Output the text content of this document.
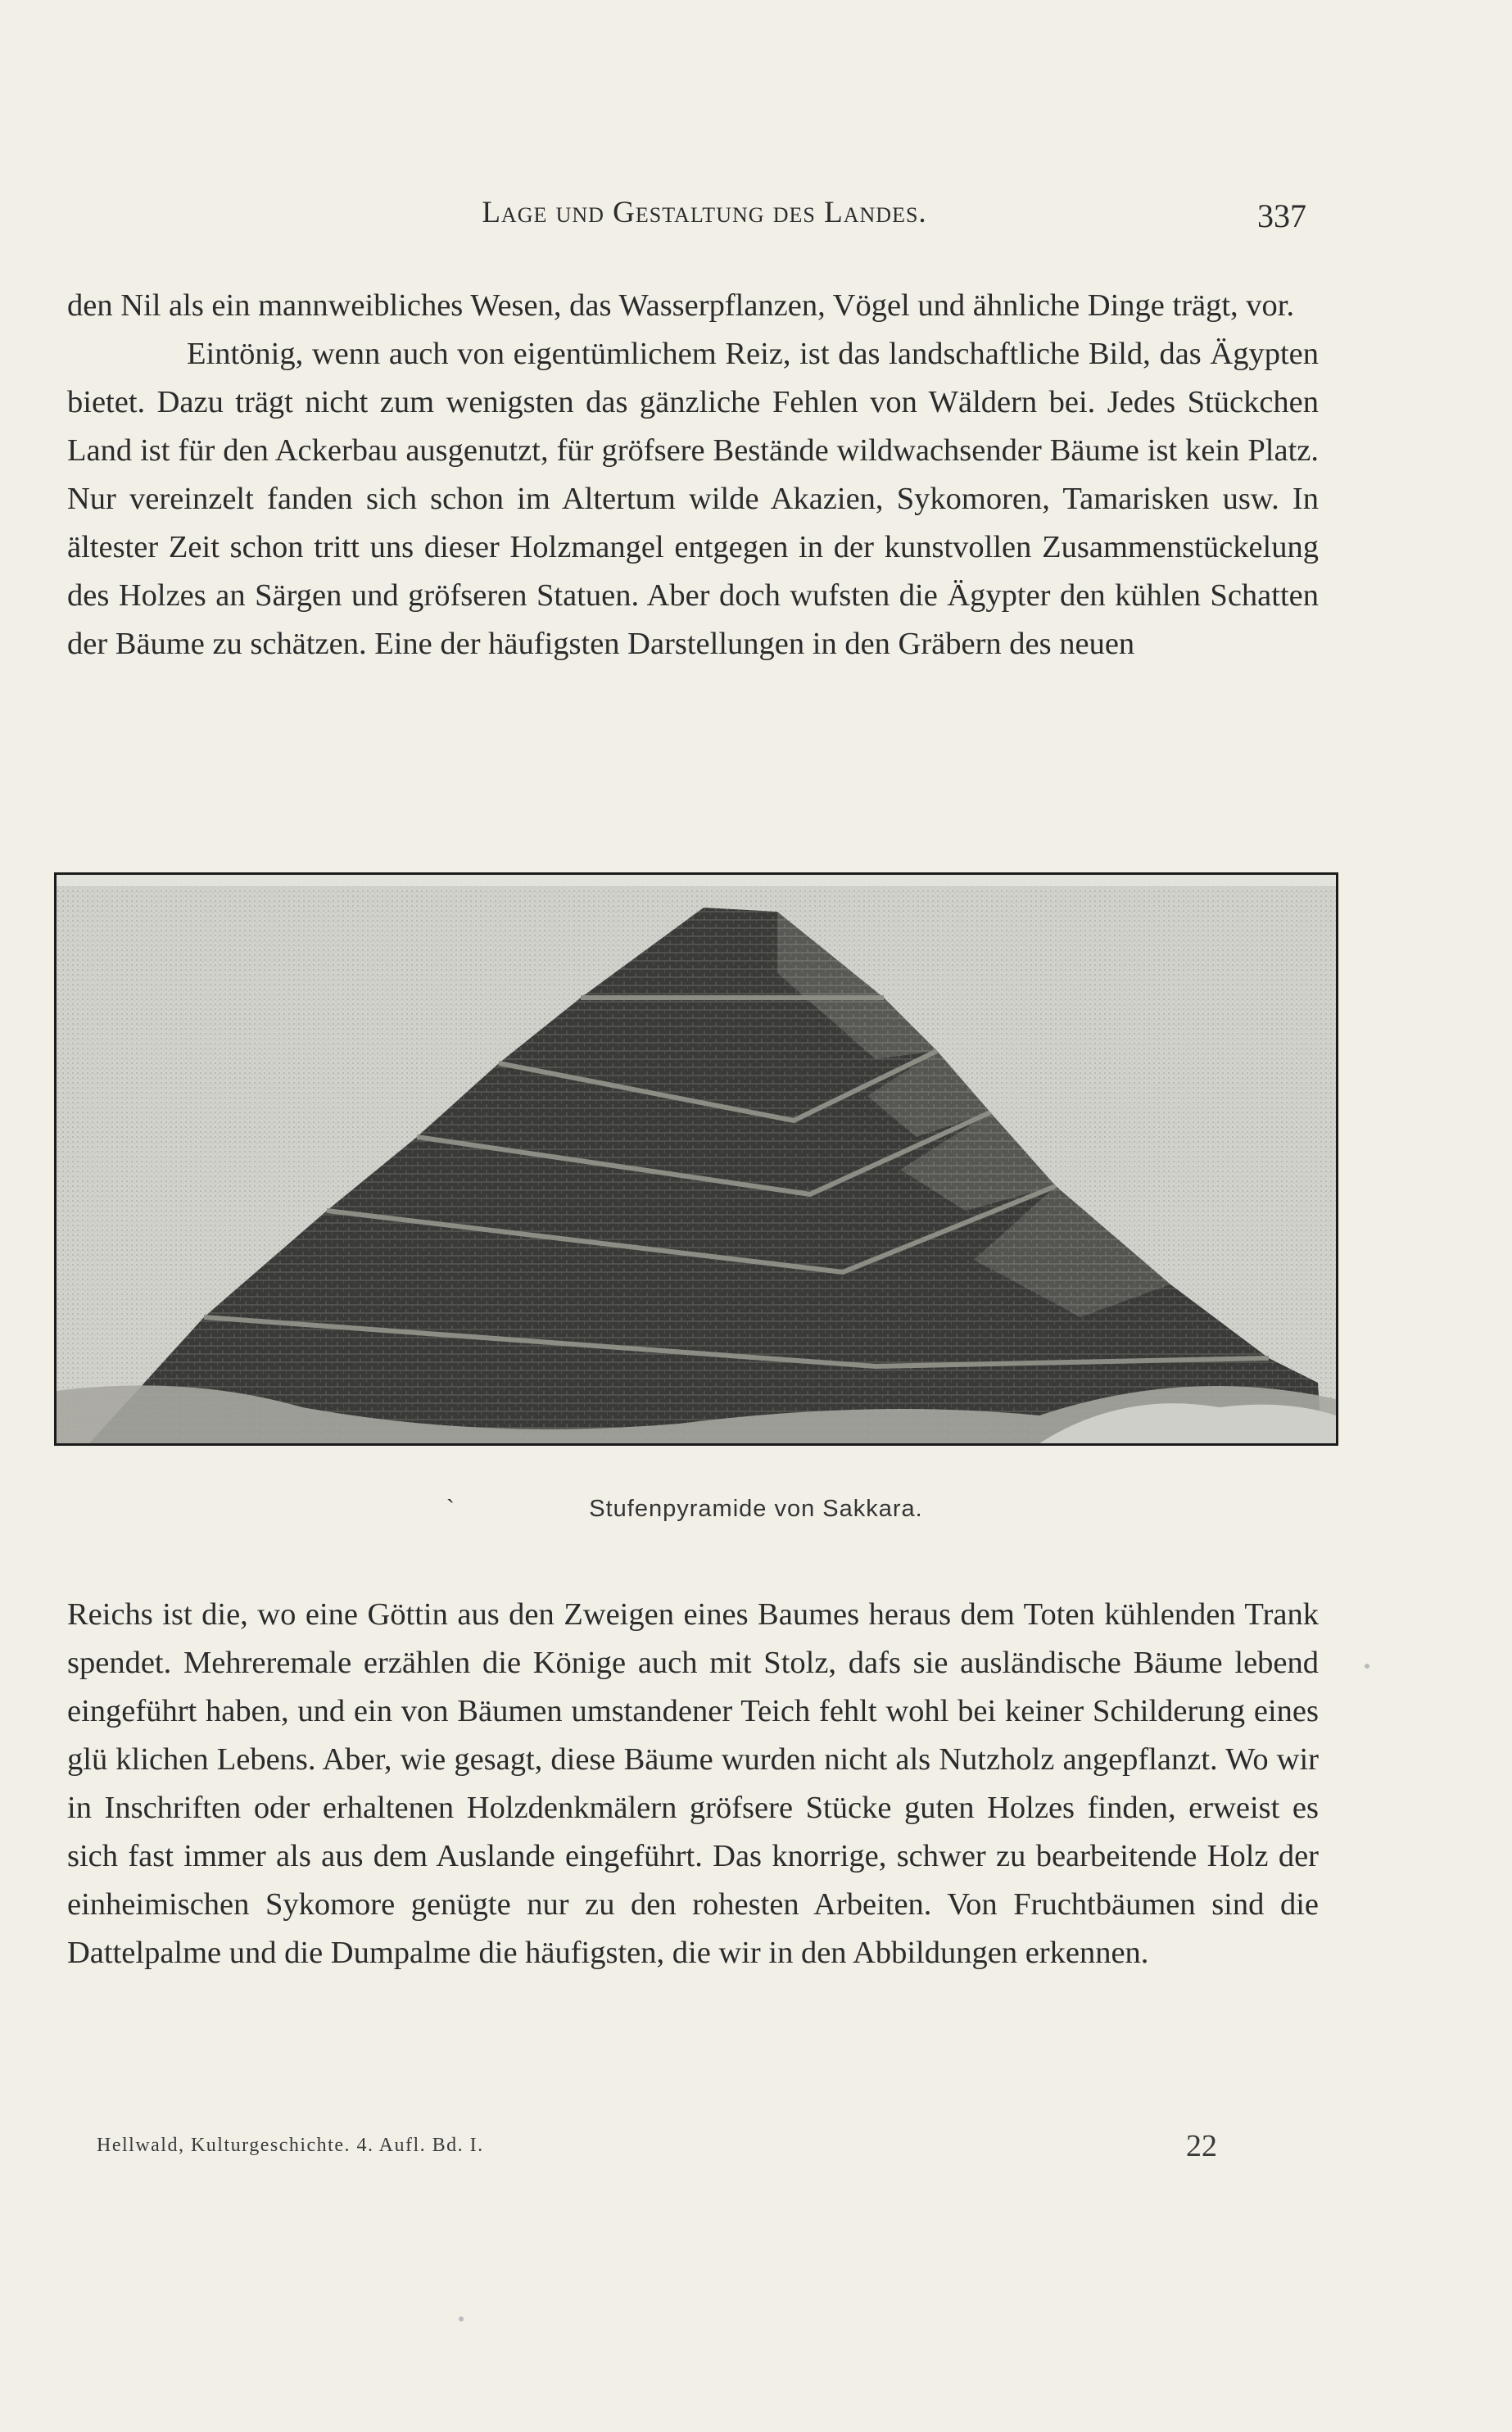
Lage und Gestaltung des Landes.	337

den Nil als ein mannweibliches Wesen, das Wasserpflanzen, Vögel und ähnliche Dinge trägt, vor.

Eintönig, wenn auch von eigentümlichem Reiz, ist das landschaftliche Bild, das Ägypten bietet. Dazu trägt nicht zum wenigsten das gänzliche Fehlen von Wäldern bei. Jedes Stückchen Land ist für den Ackerbau ausgenutzt, für gröfsere Bestände wildwachsender Bäume ist kein Platz. Nur vereinzelt fanden sich schon im Altertum wilde Akazien, Sykomoren, Tamarisken usw. In ältester Zeit schon tritt uns dieser Holzmangel entgegen in der kunstvollen Zusammenstückelung des Holzes an Särgen und gröfseren Statuen. Aber doch wufsten die Ägypter den kühlen Schatten der Bäume zu schätzen. Eine der häufigsten Darstellungen in den Gräbern des neuen

`	Stufenpyramide von Sakkara.

Reichs ist die, wo eine Göttin aus den Zweigen eines Baumes heraus dem Toten kühlenden Trank spendet. Mehreremale erzählen die Könige auch mit Stolz, dafs sie ausländische Bäume lebend eingeführt haben, und ein von Bäumen umstandener Teich fehlt wohl bei keiner Schilderung eines glü klichen Lebens. Aber, wie gesagt, diese Bäume wurden nicht als Nutzholz angepflanzt. Wo wir in Inschriften oder erhaltenen Holzdenkmälern gröfsere Stücke guten Holzes finden, erweist es sich fast immer als aus dem Auslande eingeführt. Das knorrige, schwer zu bearbeitende Holz der einheimischen Sykomore genügte nur zu den rohesten Arbeiten. Von Fruchtbäumen sind die Dattelpalme und die Dumpalme die häufigsten, die wir in den Abbildungen erkennen.

Hellwald, Kulturgeschichte. 4. Aufl. Bd. I.	22
